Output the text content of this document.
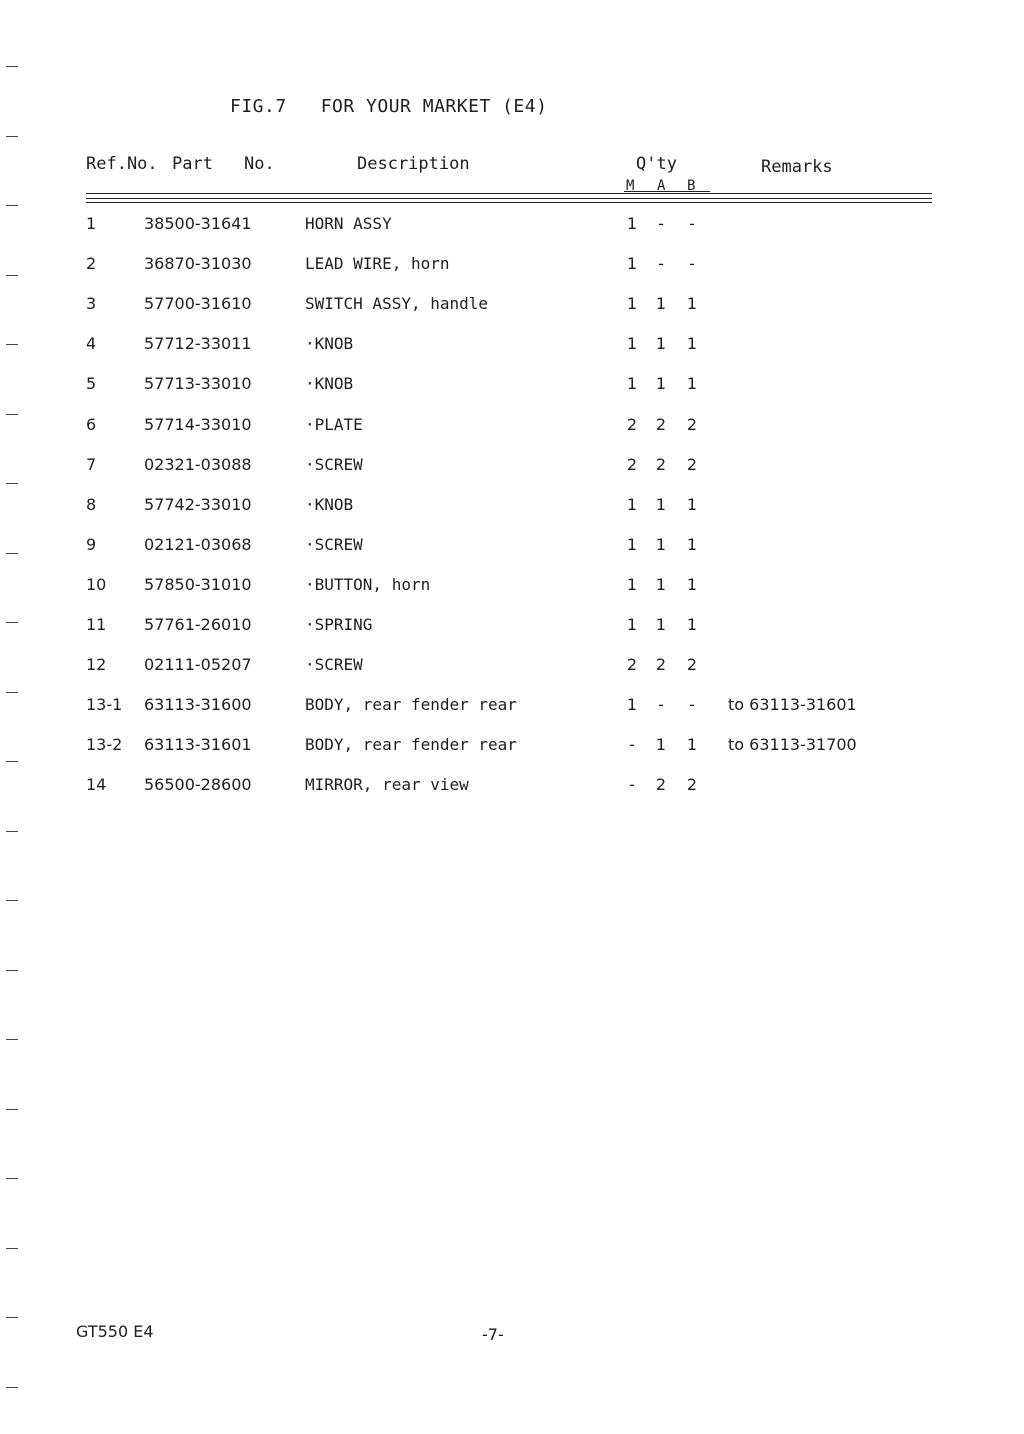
FIG.7   FOR YOUR MARKET (E4)
Ref.No. Part No.	Description	Q'ty	Remarks
M A B
1	38500-31641	HORN ASSY	1	-	-
2	36870-31030	LEAD WIRE, horn	1	-	-
3	57700-31610	SWITCH ASSY, handle	1	1	1
4	57712-33011	·KNOB	1	1	1
5	57713-33010	·KNOB	1	1	1
6	57714-33010	·PLATE	2	2	2
7	02321-03088	·SCREW	2	2	2
8	57742-33010	·KNOB	1	1	1
9	02121-03068	·SCREW	1	1	1
10	57850-31010	·BUTTON, horn	1	1	1
11	57761-26010	·SPRING	1	1	1
12	02111-05207	·SCREW	2	2	2
13-1 63113-31600	BODY, rear fender rear	1	-	-	to 63113-31601
13-2 63113-31601	BODY, rear fender rear	-	1	1	to 63113-31700
14	56500-28600	MIRROR, rear view	-	2	2
GT550 E4	-7-
